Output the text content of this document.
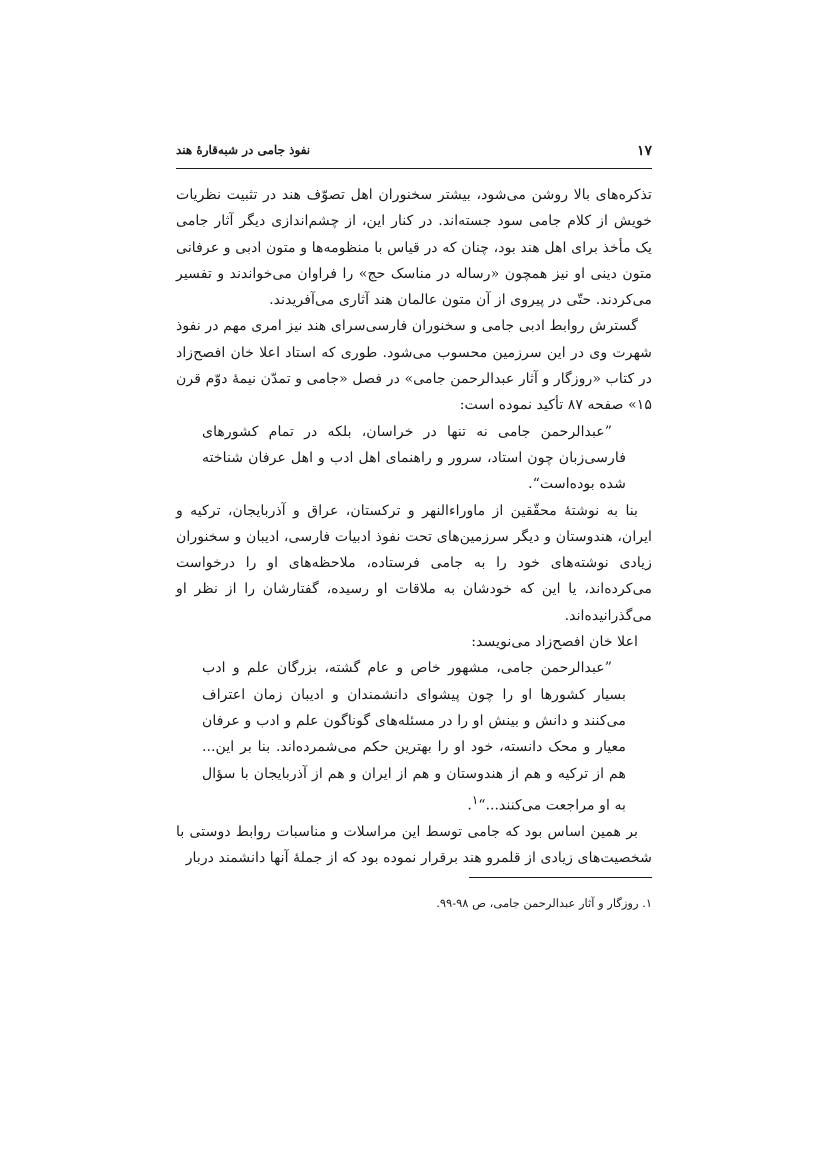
۱۷
نفوذ جامی در شبه‌قارهٔ هند

تذکره‌های بالا روشن می‌شود، بیشتر سخنوران اهل تصوّف هند در تثبیت نظریات خویش از کلام جامی سود جسته‌اند. در کنار این، از چشم‌اندازی دیگر آثار جامی یک مأخذ برای اهل هند بود، چنان که در قیاس با منظومه‌ها و متون ادبی و عرفانی متون دینی او نیز همچون «رساله در مناسک حج» را فراوان می‌خواندند و تفسیر می‌کردند. حتّی در پیروی از آن متون عالمان هند آثاری می‌آفریدند.

گسترش روابط ادبی جامی و سخنوران فارسی‌سرای هند نیز امری مهم در نفوذ شهرت وی در این سرزمین محسوب می‌شود. طوری که استاد اعلا خان افصح‌زاد در کتاب «روزگار و آثار عبدالرحمن جامی» در فصل «جامی و تمدّن نیمهٔ دوّم قرن ۱۵» صفحه ۸۷ تأکید نموده است:

”عبدالرحمن جامی نه تنها در خراسان، بلکه در تمام کشورهای فارسی‌زبان چون استاد، سرور و راهنمای اهل ادب و اهل عرفان شناخته شده بوده‌است“.

بنا به نوشتهٔ محقّقین از ماوراءالنهر و ترکستان، عراق و آذربایجان، ترکیه و ایران، هندوستان و دیگر سرزمین‌های تحت نفوذ ادبیات فارسی، ادیبان و سخنوران زیادی نوشته‌های خود را به جامی فرستاده، ملاحظه‌های او را درخواست می‌کرده‌اند، یا این که خودشان به ملاقات او رسیده، گفتارشان را از نظر او می‌گذرانیده‌اند.

اعلا خان افصح‌زاد می‌نویسد:

”عبدالرحمن جامی، مشهور خاص و عام گشته، بزرگان علم و ادب بسیار کشورها او را چون پیشوای دانشمندان و ادیبان زمان اعتراف می‌کنند و دانش و بینش او را در مسئله‌های گوناگون علم و ادب و عرفان معیار و محک دانسته، خود او را بهترین حکم می‌شمرده‌اند. بنا بر این... هم از ترکیه و هم از هندوستان و هم از ایران و هم از آذربایجان با سؤال به او مراجعت می‌کنند...“$^۱$.

بر همین اساس بود که جامی توسط این مراسلات و مناسبات روابط دوستی با شخصیت‌های زیادی از قلمرو هند برقرار نموده بود که از جملهٔ آنها دانشمند دربار

۱. روزگار و آثار عبدالرحمن جامی، ص ۹۸-۹۹.
